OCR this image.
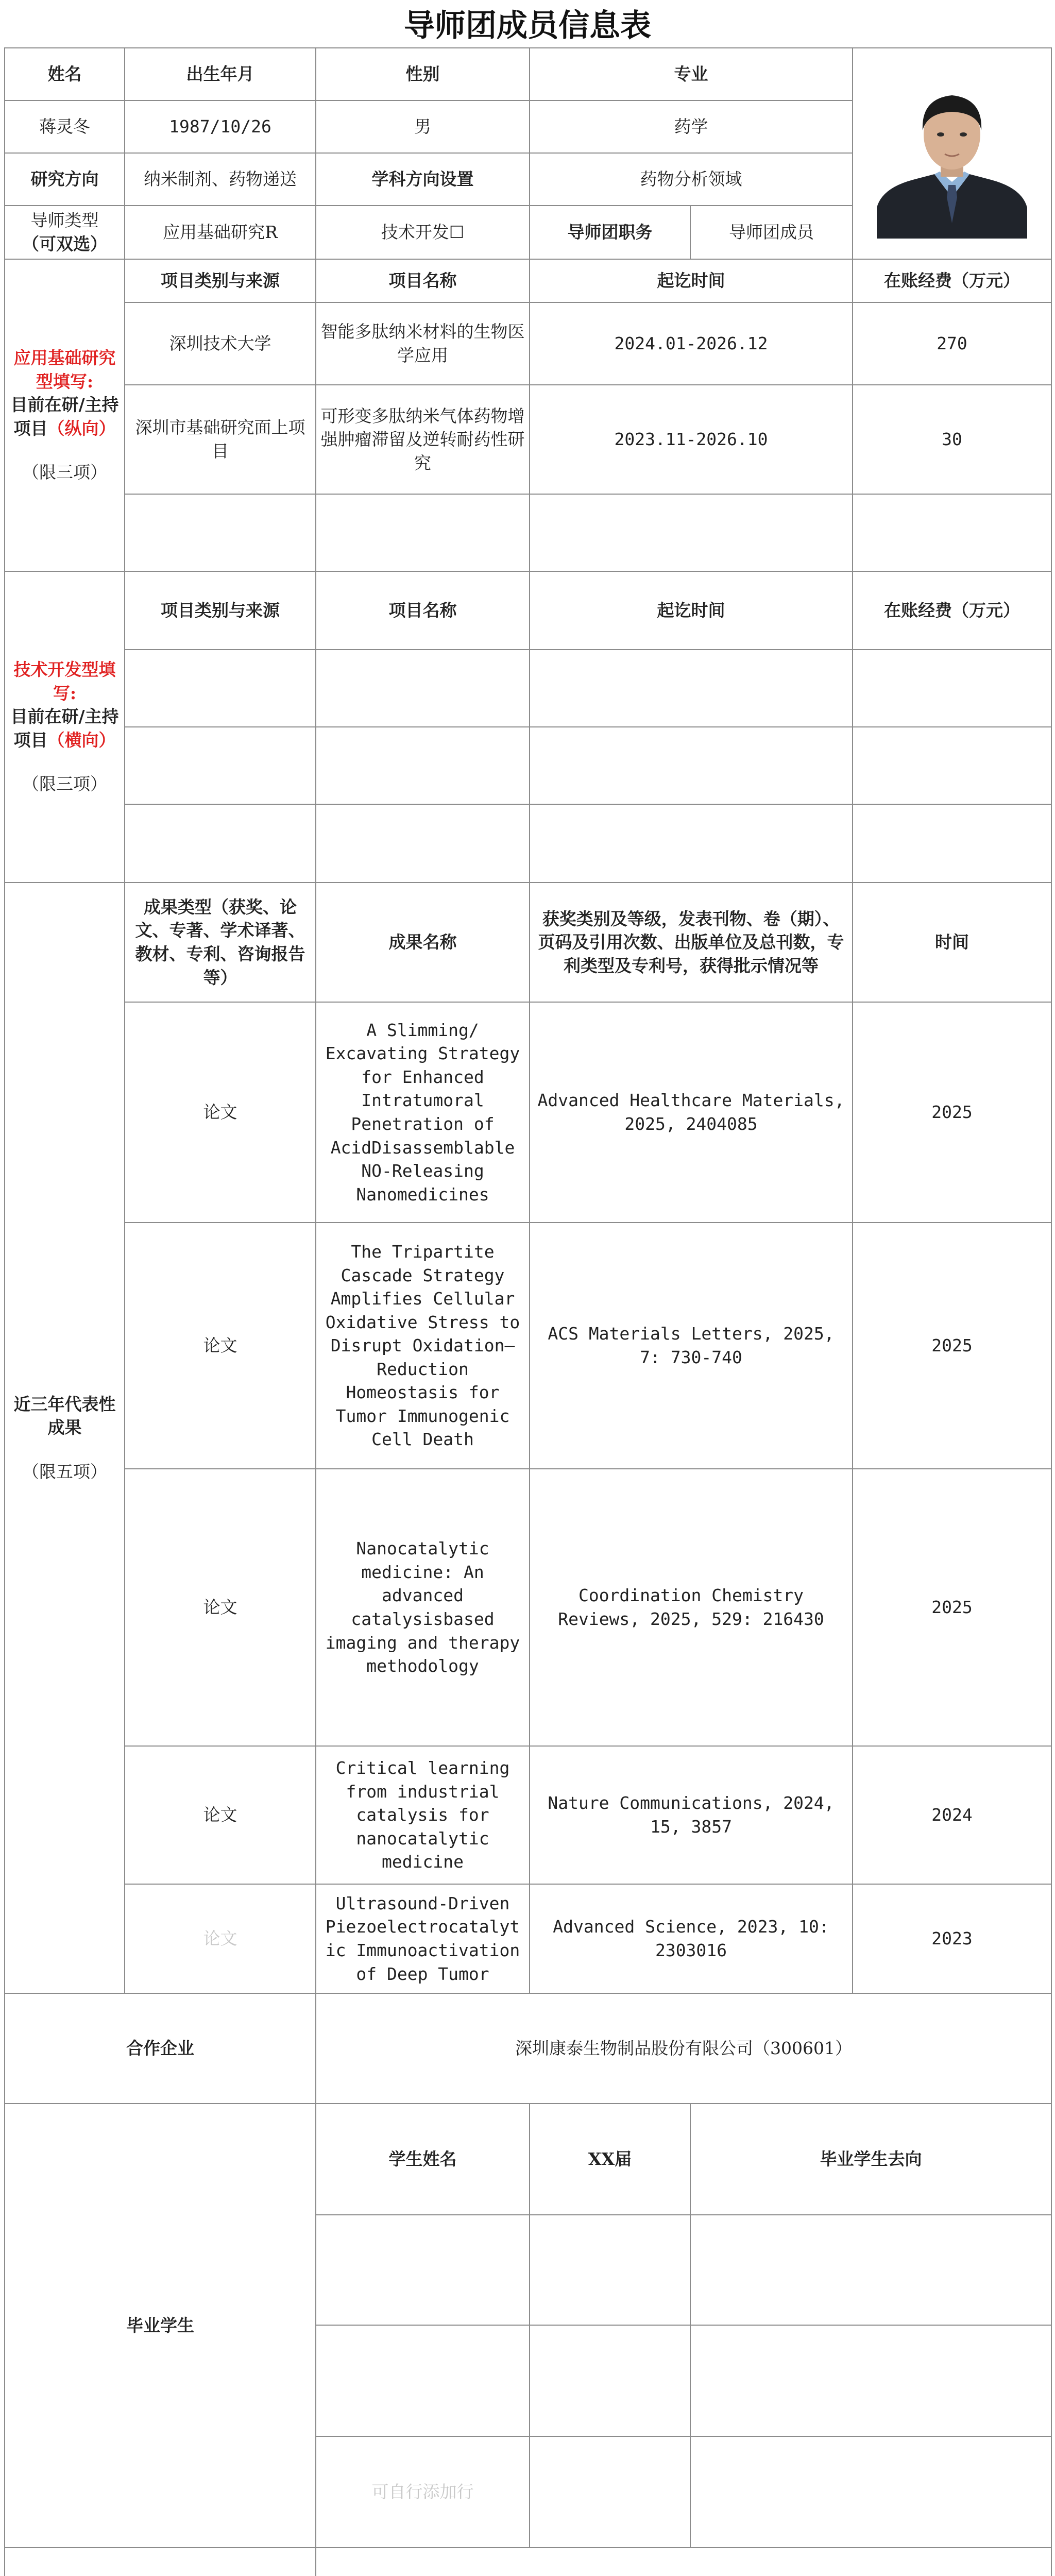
导师团成员信息表
姓名	出生年月	性别	专业	

蒋灵冬	1987/10/26	男	药学		
研究方向	纳米制剂、药物递送	学科方向设置	药物分析领域		

导师类型
（可双选）	应用基础研究R	技术开发☐	导师团职务	导师团成员	

应用基础研究型填写:
目前在研/主持项目（纵向）
（限三项）	项目类别与来源	项目名称	起讫时间		在账经费（万元）
	深圳技术大学	智能多肽纳米材料的生物医学应用	2024.01-2026.12		270
	深圳市基础研究面上项目	可形变多肽纳米气体药物增强肿瘤滞留及逆转耐药性研究	2023.11-2026.10		30

技术开发型填写:
目前在研/主持项目（横向）
（限三项）	项目类别与来源	项目名称	起讫时间		在账经费（万元）

近三年代表性成果
（限五项）	成果类型（获奖、论文、专著、学术译著、教材、专利、咨询报告等）	成果名称	获奖类别及等级，发表刊物、卷（期）、页码及引用次数、出版单位及总刊数，专利类型及专利号，获得批示情况等		时间
	论文	A Slimming/ Excavating Strategy for Enhanced Intratumoral Penetration of AcidDisassemblable NO-Releasing Nanomedicines	Advanced Healthcare Materials, 2025, 2404085		2025
	论文	The Tripartite Cascade Strategy Amplifies Cellular Oxidative Stress to Disrupt Oxidation–Reduction Homeostasis for Tumor Immunogenic Cell Death	ACS Materials Letters, 2025, 7: 730-740		2025
	论文	Nanocatalytic medicine: An advanced catalysisbased imaging and therapy methodology	Coordination Chemistry Reviews, 2025, 529: 216430		2025
	论文	Critical learning from industrial catalysis for nanocatalytic medicine	Nature Communications, 2024, 15, 3857		2024
	论文	Ultrasound-Driven Piezoelectrocatalytic Immunoactivation of Deep Tumor	Advanced Science, 2023, 10: 2303016		2023
合作企业		深圳康泰生物制品股份有限公司（300601）			
毕业学生		学生姓名	XX届	毕业学生去向	

		可自行添加行			
